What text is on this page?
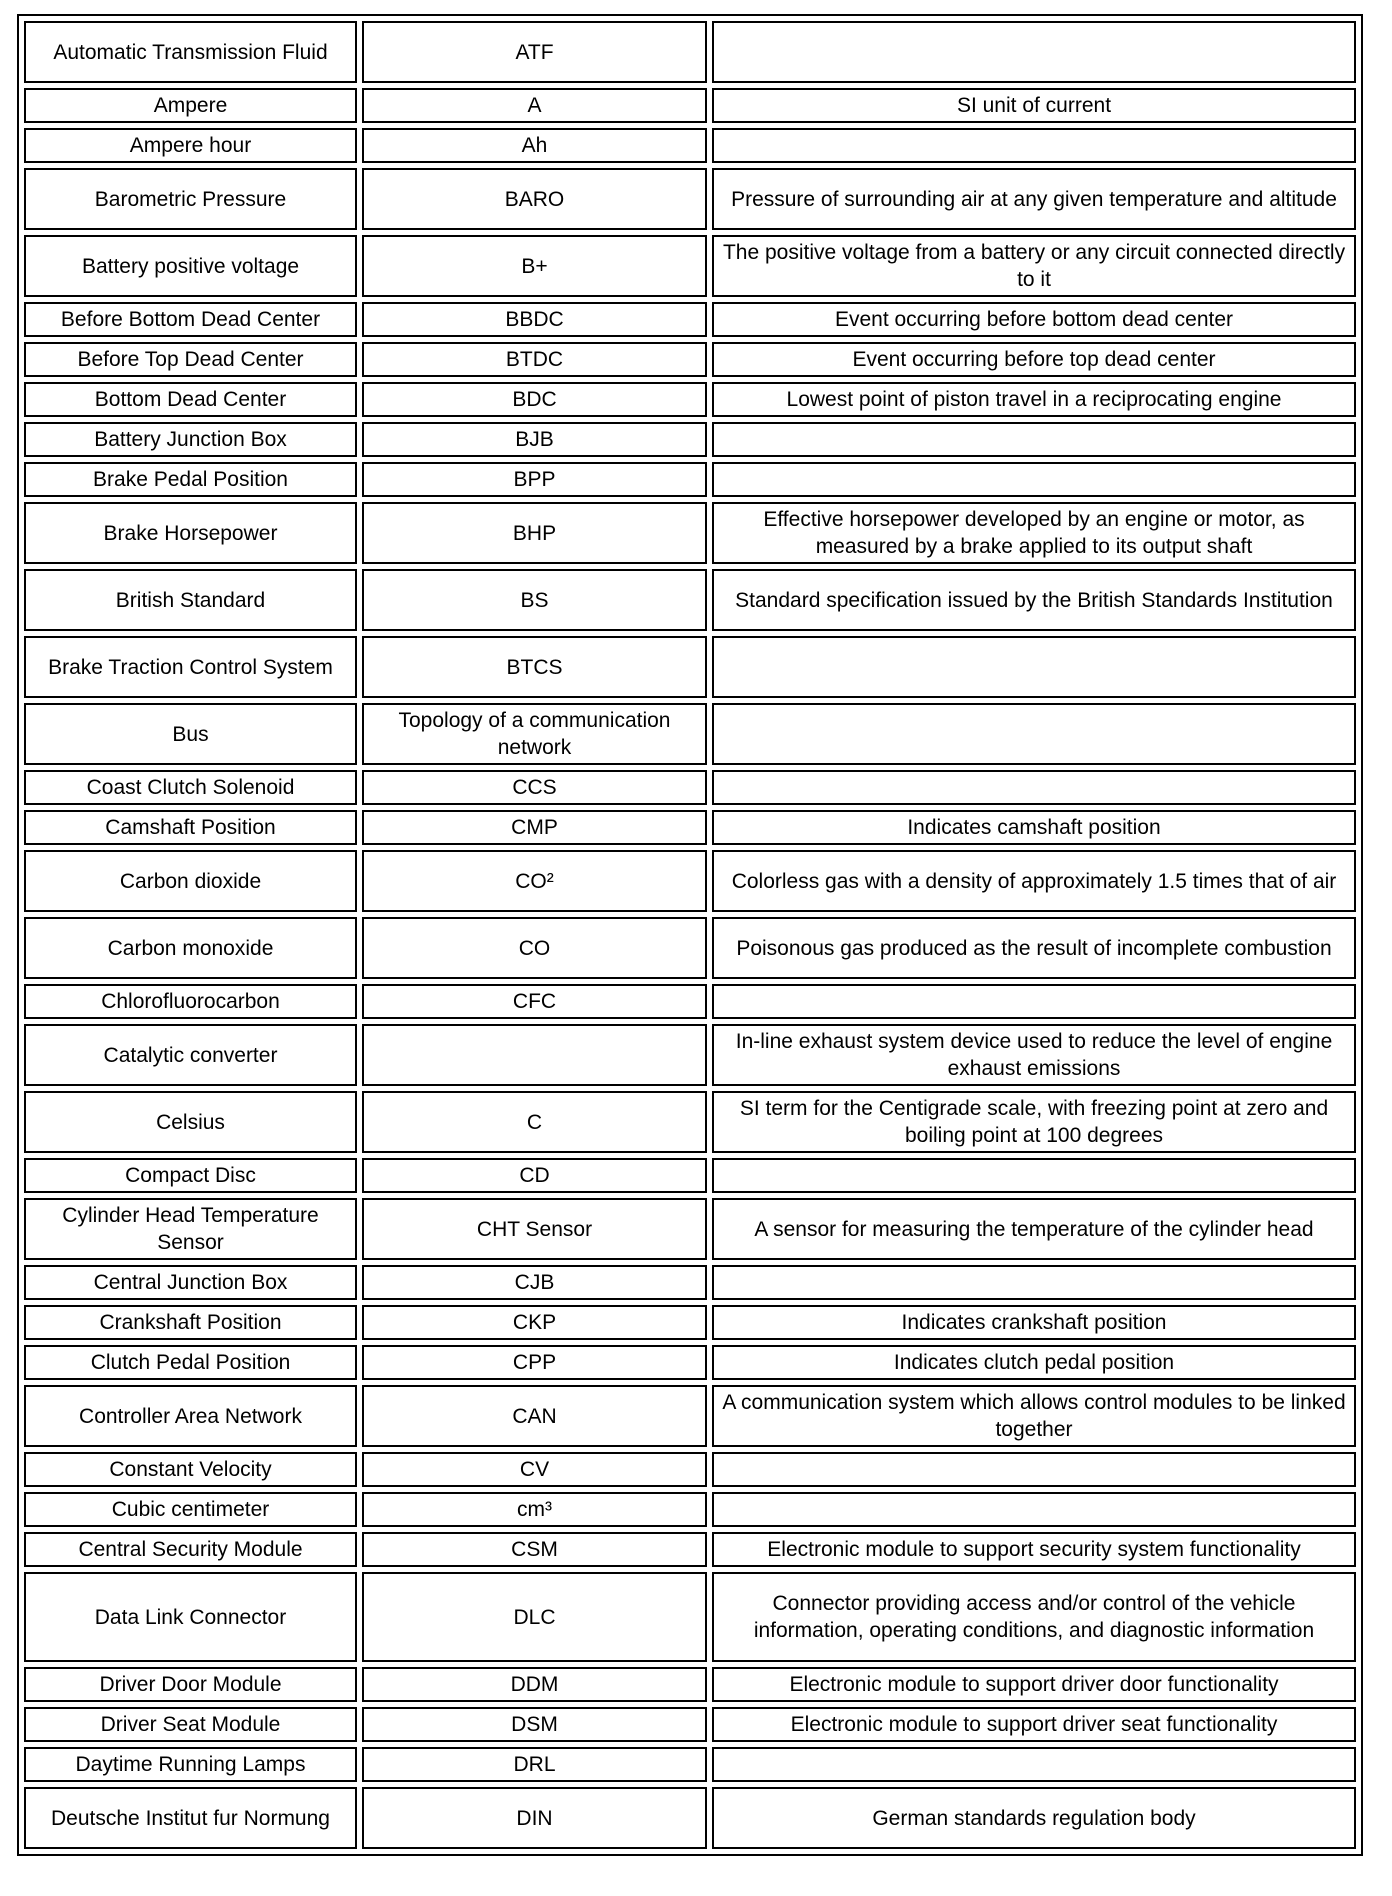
Automatic Transmission Fluid	ATF	
Ampere	A	SI unit of current
Ampere hour	Ah	
Barometric Pressure	BARO	Pressure of surrounding air at any given temperature and altitude
Battery positive voltage	B+	The positive voltage from a battery or any circuit connected directly to it
Before Bottom Dead Center	BBDC	Event occurring before bottom dead center
Before Top Dead Center	BTDC	Event occurring before top dead center
Bottom Dead Center	BDC	Lowest point of piston travel in a reciprocating engine
Battery Junction Box	BJB	
Brake Pedal Position	BPP	
Brake Horsepower	BHP	Effective horsepower developed by an engine or motor, as measured by a brake applied to its output shaft
British Standard	BS	Standard specification issued by the British Standards Institution
Brake Traction Control System	BTCS	
Bus	Topology of a communication network	
Coast Clutch Solenoid	CCS	
Camshaft Position	CMP	Indicates camshaft position
Carbon dioxide	CO²	Colorless gas with a density of approximately 1.5 times that of air
Carbon monoxide	CO	Poisonous gas produced as the result of incomplete combustion
Chlorofluorocarbon	CFC	
Catalytic converter		In-line exhaust system device used to reduce the level of engine exhaust emissions
Celsius	C	SI term for the Centigrade scale, with freezing point at zero and boiling point at 100 degrees
Compact Disc	CD	
Cylinder Head Temperature Sensor	CHT Sensor	A sensor for measuring the temperature of the cylinder head
Central Junction Box	CJB	
Crankshaft Position	CKP	Indicates crankshaft position
Clutch Pedal Position	CPP	Indicates clutch pedal position
Controller Area Network	CAN	A communication system which allows control modules to be linked together
Constant Velocity	CV	
Cubic centimeter	cm³	
Central Security Module	CSM	Electronic module to support security system functionality
Data Link Connector	DLC	Connector providing access and/or control of the vehicle information, operating conditions, and diagnostic information
Driver Door Module	DDM	Electronic module to support driver door functionality
Driver Seat Module	DSM	Electronic module to support driver seat functionality
Daytime Running Lamps	DRL	
Deutsche Institut fur Normung	DIN	German standards regulation body
